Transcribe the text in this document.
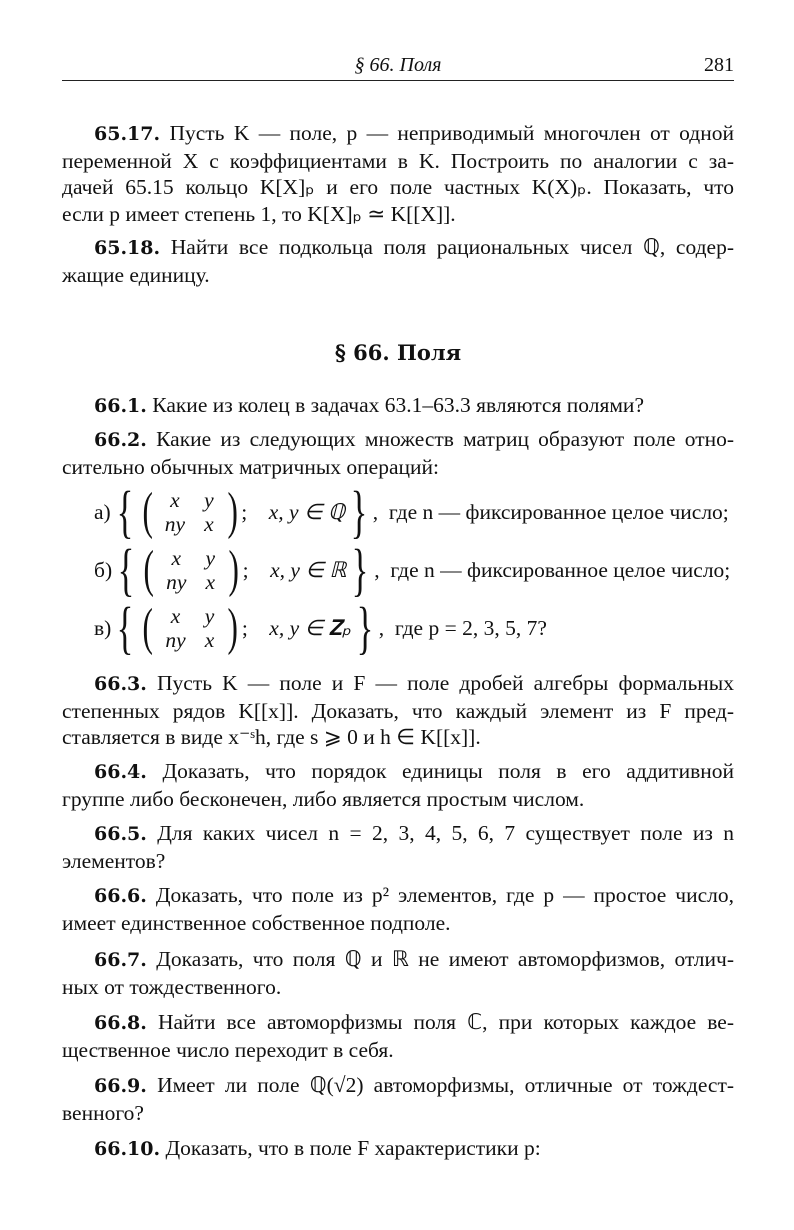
§ 66. Поля	281
§ 66. Поля
65.17. Пусть K — поле, p — неприводимый многочлен от одной
переменной X с коэффициентами в K. Построить по аналогии с за-
дачей 65.15 кольцо K[X]ₚ и его поле частных K(X)ₚ. Показать, что
если p имеет степень 1, то K[X]ₚ ≃ K[[X]].
65.18. Найти все подкольца поля рациональных чисел ℚ, содер-
жащие единицу.
66.1. Какие из колец в задачах 63.1–63.3 являются полями?
66.2. Какие из следующих множеств матриц образуют поле отно-
сительно обычных матричных операций:
66.3. Пусть K — поле и F — поле дробей алгебры формальных
степенных рядов K[[x]]. Доказать, что каждый элемент из F пред-
ставляется в виде x⁻ˢh, где s ⩾ 0 и h ∈ K[[x]].
66.4. Доказать, что порядок единицы поля в его аддитивной
группе либо бесконечен, либо является простым числом.
66.5. Для каких чисел n = 2, 3, 4, 5, 6, 7 существует поле из n
элементов?
66.6. Доказать, что поле из p² элементов, где p — простое число,
имеет единственное собственное подполе.
66.7. Доказать, что поля ℚ и ℝ не имеют автоморфизмов, отлич-
ных от тождественного.
66.8. Найти все автоморфизмы поля ℂ, при которых каждое ве-
щественное число переходит в себя.
66.9. Имеет ли поле ℚ(√2) автоморфизмы, отличные от тождест-
венного?
66.10. Доказать, что в поле F характеристики p:
а) { ( x	y
ny x ) ; x, y ∈ ℚ } , где n — фиксированное целое число;
б) { ( x	y
ny x ) ; x, y ∈ ℝ } , где n — фиксированное целое число;
в) { ( x	y
ny x ) ; x, y ∈ 𝐙ₚ } , где p = 2, 3, 5, 7?
